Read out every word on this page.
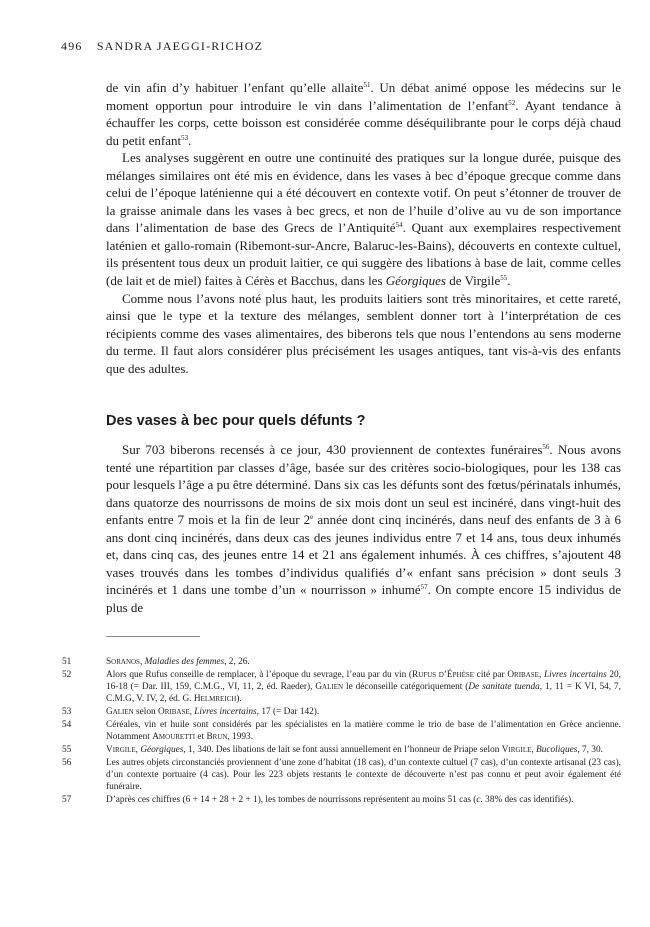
496 SANDRA JAEGGI-RICHOZ

de vin afin d’y habituer l’enfant qu’elle allaite$^{51}$. Un débat animé oppose les médecins sur le moment opportun pour introduire le vin dans l’alimentation de l’enfant$^{52}$. Ayant tendance à échauffer les corps, cette boisson est considérée comme déséquilibrante pour le corps déjà chaud du petit enfant$^{53}$.

Les analyses suggèrent en outre une continuité des pratiques sur la longue durée, puisque des mélanges similaires ont été mis en évidence, dans les vases à bec d’époque grecque comme dans celui de l’époque laténienne qui a été découvert en contexte votif. On peut s’étonner de trouver de la graisse animale dans les vases à bec grecs, et non de l’huile d’olive au vu de son importance dans l’alimentation de base des Grecs de l’Antiquité$^{54}$. Quant aux exemplaires respectivement laténien et gallo-romain (Ribemont-sur-Ancre, Balaruc-les-Bains), découverts en contexte cultuel, ils présentent tous deux un produit laitier, ce qui suggère des libations à base de lait, comme celles (de lait et de miel) faites à Cérès et Bacchus, dans les Géorgiques de Virgile$^{55}$.

Comme nous l’avons noté plus haut, les produits laitiers sont très minoritaires, et cette rareté, ainsi que le type et la texture des mélanges, semblent donner tort à l’interprétation de ces récipients comme des vases alimentaires, des biberons tels que nous l’entendons au sens moderne du terme. Il faut alors considérer plus précisément les usages antiques, tant vis-à-vis des enfants que des adultes.

Des vases à bec pour quels défunts ?

Sur 703 biberons recensés à ce jour, 430 proviennent de contextes funéraires$^{56}$. Nous avons tenté une répartition par classes d’âge, basée sur des critères socio-biologiques, pour les 138 cas pour lesquels l’âge a pu être déterminé. Dans six cas les défunts sont des fœtus/périnatals inhumés, dans quatorze des nourrissons de moins de six mois dont un seul est incinéré, dans vingt-huit des enfants entre 7 mois et la fin de leur 2e année dont cinq incinérés, dans neuf des enfants de 3 à 6 ans dont cinq incinérés, dans deux cas des jeunes individus entre 7 et 14 ans, tous deux inhumés et, dans cinq cas, des jeunes entre 14 et 21 ans également inhumés. À ces chiffres, s’ajoutent 48 vases trouvés dans les tombes d’individus qualifiés d’« enfant sans précision » dont seuls 3 incinérés et 1 dans une tombe d’un « nourrisson » inhumé$^{57}$. On compte encore 15 individus de plus de

51	Soranos, Maladies des femmes, 2, 26.
52	Alors que Rufus conseille de remplacer, à l’époque du sevrage, l’eau par du vin (Rufus d’Éphèse cité par Oribase, Livres incertains 20, 16-18 (= Dar. III, 159, C.M.G., VI, 11, 2, éd. Raeder), Galien le déconseille catégoriquement (De sanitate tuenda, 1, 11 = K VI, 54, 7, C.M.G, V. IV, 2, éd. G. Helmreich).
53	Galien selon Oribase, Livres incertains, 17 (= Dar 142).
54	Céréales, vin et huile sont considérés par les spécialistes en la matière comme le trio de base de l’alimentation en Grèce ancienne. Notamment Amouretti et Brun, 1993.
55	Virgile, Géorgiques, 1, 340. Des libations de lait se font aussi annuellement en l’honneur de Priape selon Virgile, Bucoliques, 7, 30.
56	Les autres objets circonstanciés proviennent d’une zone d’habitat (18 cas), d’un contexte cultuel (7 cas), d’un contexte artisanal (23 cas), d’un contexte portuaire (4 cas). Pour les 223 objets restants le contexte de découverte n’est pas connu et peut avoir également été funéraire.
57	D’après ces chiffres (6 + 14 + 28 + 2 + 1), les tombes de nourrissons représentent au moins 51 cas (c. 38% des cas identifiés).
